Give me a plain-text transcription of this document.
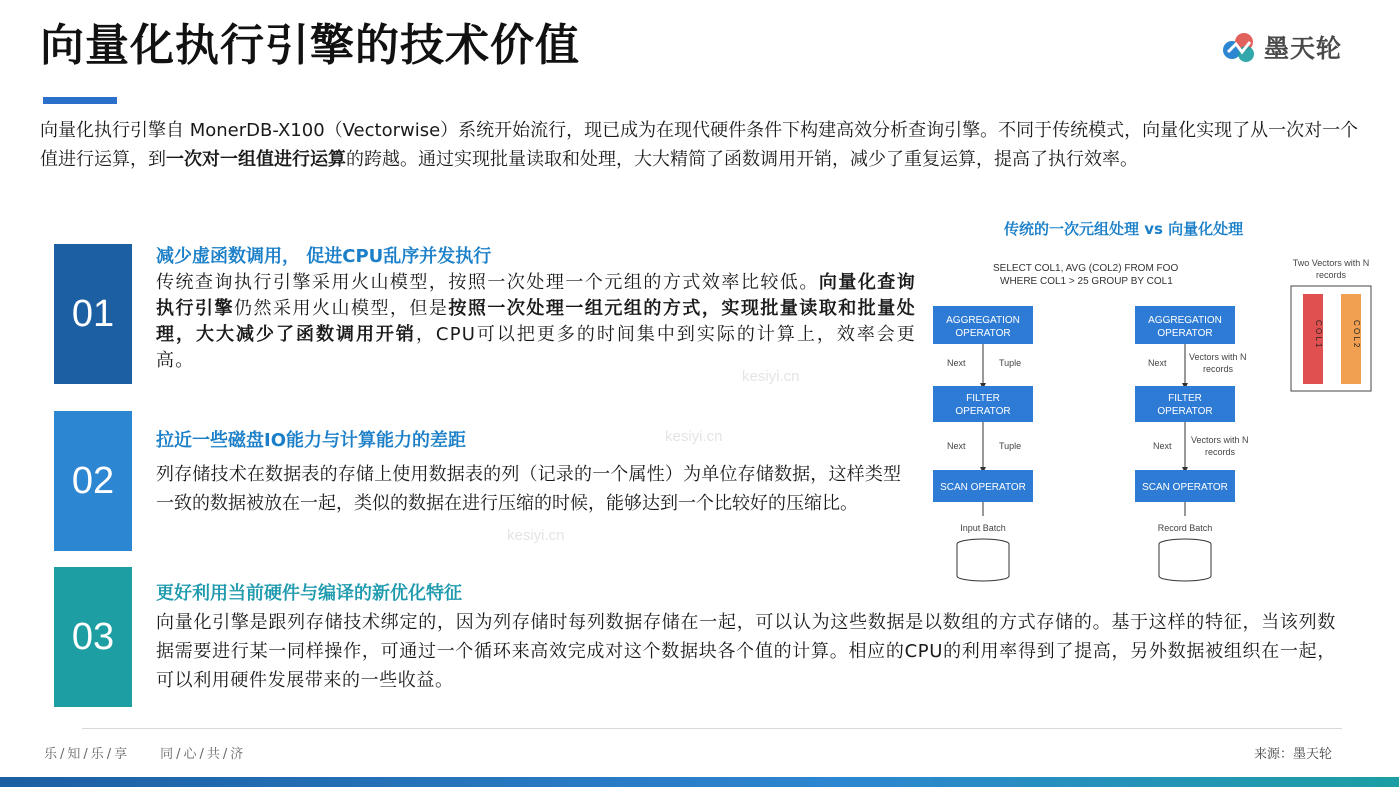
向量化执行引擎的技术价值	墨天轮
向量化执行引擎自 MonerDB-X100（Vectorwise）系统开始流行，现已成为在现代硬件条件下构建高效分析查询引擎。不同于传统模式，向量化实现了从一次对一个值进行运算，到一次对一组值进行运算的跨越。通过实现批量读取和处理，大大精简了函数调用开销，减少了重复运算，提高了执行效率。
kesiyi.cn
kesiyi.cn
kesiyi.cn
01
减少虚函数调用， 促进CPU乱序并发执行
传统查询执行引擎采用火山模型，按照一次处理一个元组的方式效率比较低。向量化查询执行引擎仍然采用火山模型，但是按照一次处理一组元组的方式，实现批量读取和批量处理，大大减少了函数调用开销，CPU可以把更多的时间集中到实际的计算上，效率会更高。
02
拉近一些磁盘IO能力与计算能力的差距
列存储技术在数据表的存储上使用数据表的列（记录的一个属性）为单位存储数据，这样类型一致的数据被放在一起，类似的数据在进行压缩的时候，能够达到一个比较好的压缩比。
03
更好利用当前硬件与编译的新优化特征
向量化引擎是跟列存储技术绑定的，因为列存储时每列数据存储在一起，可以认为这些数据是以数组的方式存储的。基于这样的特征，当该列数据需要进行某一同样操作，可通过一个循环来高效完成对这个数据块各个值的计算。相应的CPU的利用率得到了提高，另外数据被组织在一起，可以利用硬件发展带来的一些收益。
传统的一次元组处理 vs 向量化处理
SELECT COL1, AVG (COL2) FROM FOO
WHERE COL1 > 25 GROUP BY COL1
AGGREGATION
OPERATOR
Next	Tuple
FILTER
OPERATOR
Next	Tuple
SCAN OPERATOR
Input Batch
AGGREGATION
OPERATOR
Next
Vectors with N
records
FILTER
OPERATOR
Next
Vectors with N
records
SCAN OPERATOR
Record Batch
Two Vectors with N
records
C O L 1	C O L 2
乐/知/乐/享 同/心/共/济	来源：墨天轮
